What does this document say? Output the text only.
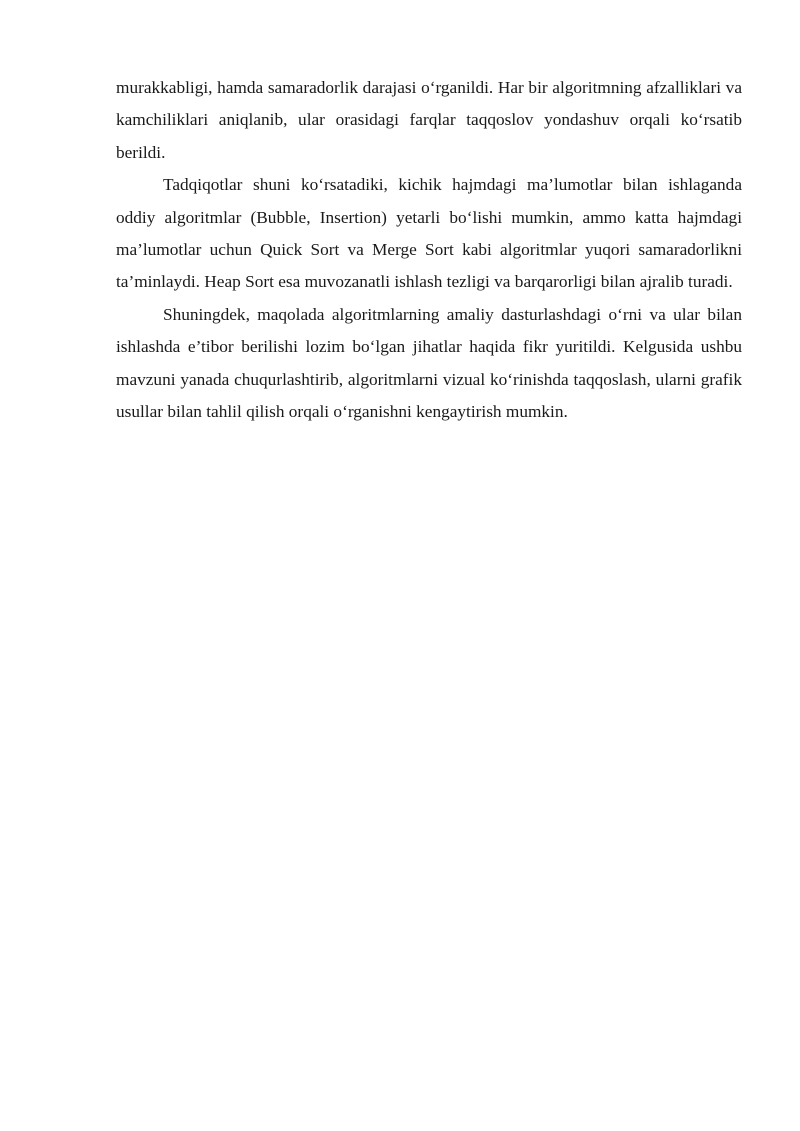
murakkabligi, hamda samaradorlik darajasi o‘rganildi. Har bir algoritmning afzalliklari va kamchiliklari aniqlanib, ular orasidagi farqlar taqqoslov yondashuv orqali ko‘rsatib berildi.

Tadqiqotlar shuni ko‘rsatadiki, kichik hajmdagi ma’lumotlar bilan ishlaganda oddiy algoritmlar (Bubble, Insertion) yetarli bo‘lishi mumkin, ammo katta hajmdagi ma’lumotlar uchun Quick Sort va Merge Sort kabi algoritmlar yuqori samaradorlikni ta’minlaydi. Heap Sort esa muvozanatli ishlash tezligi va barqarorligi bilan ajralib turadi.

Shuningdek, maqolada algoritmlarning amaliy dasturlashdagi o‘rni va ular bilan ishlashda e’tibor berilishi lozim bo‘lgan jihatlar haqida fikr yuritildi. Kelgusida ushbu mavzuni yanada chuqurlashtirib, algoritmlarni vizual ko‘rinishda taqqoslash, ularni grafik usullar bilan tahlil qilish orqali o‘rganishni kengaytirish mumkin.
